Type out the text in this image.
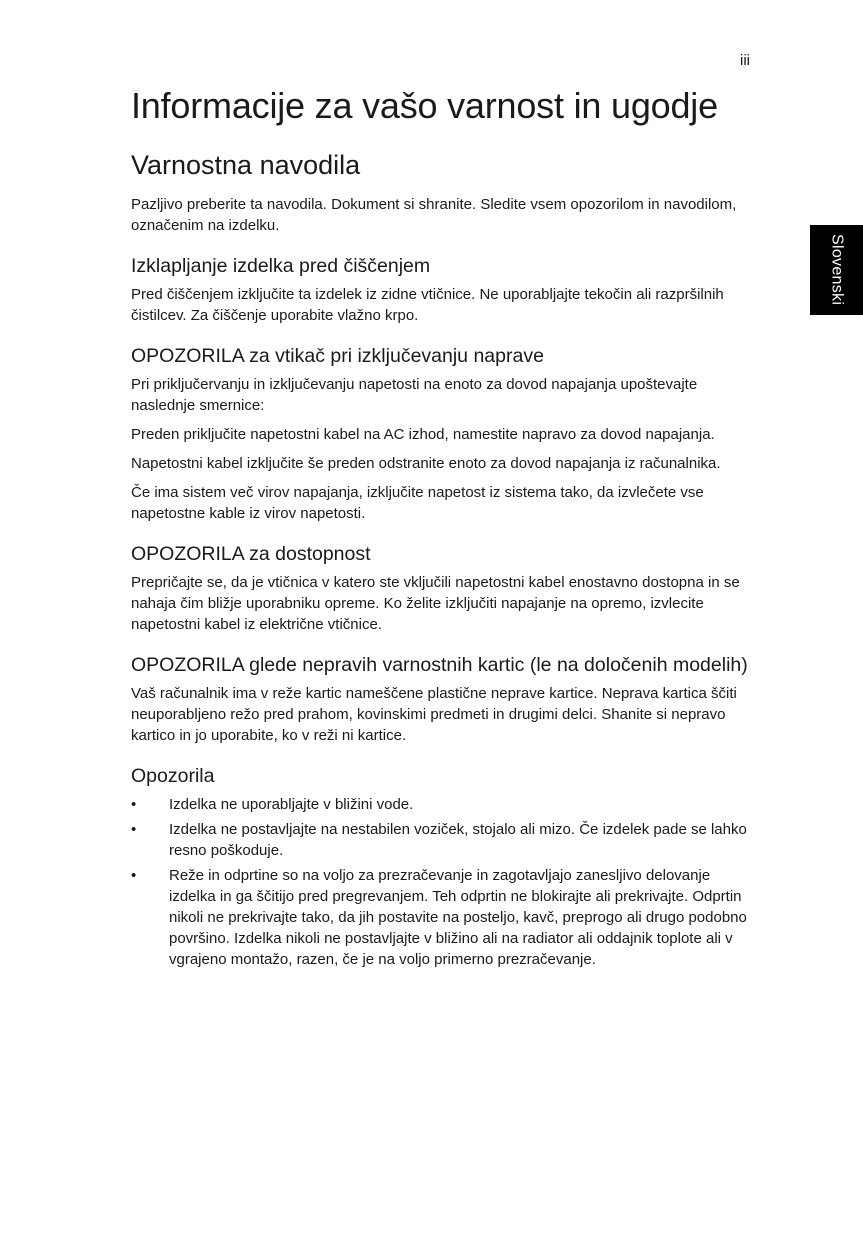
iii
Slovenski
Informacije za vašo varnost in ugodje
Varnostna navodila

Pazljivo preberite ta navodila. Dokument si shranite. Sledite vsem opozorilom in navodilom, označenim na izdelku.

Izklapljanje izdelka pred čiščenjem

Pred čiščenjem izključite ta izdelek iz zidne vtičnice. Ne uporabljajte tekočin ali razpršilnih čistilcev. Za čiščenje uporabite vlažno krpo.

OPOZORILA za vtikač pri izključevanju naprave

Pri priključervanju in izključevanju napetosti na enoto za dovod napajanja upoštevajte naslednje smernice:

Preden priključite napetostni kabel na AC izhod, namestite napravo za dovod napajanja.

Napetostni kabel izključite še preden odstranite enoto za dovod napajanja iz računalnika.

Če ima sistem več virov napajanja, izključite napetost iz sistema tako, da izvlečete vse napetostne kable iz virov napetosti.

OPOZORILA za dostopnost

Prepričajte se, da je vtičnica v katero ste vključili napetostni kabel enostavno dostopna in se nahaja čim bližje uporabniku opreme. Ko želite izključiti napajanje na opremo, izvlecite napetostni kabel iz električne vtičnice.

OPOZORILA glede nepravih varnostnih kartic (le na določenih modelih)

Vaš računalnik ima v reže kartic nameščene plastične neprave kartice. Neprava kartica ščiti neuporabljeno režo pred prahom, kovinskimi predmeti in drugimi delci. Shanite si nepravo kartico in jo uporabite, ko v reži ni kartice.

Opozorila
• Izdelka ne uporabljajte v bližini vode.
• Izdelka ne postavljajte na nestabilen voziček, stojalo ali mizo. Če izdelek pade se lahko resno poškoduje.
• Reže in odprtine so na voljo za prezračevanje in zagotavljajo zanesljivo delovanje izdelka in ga ščitijo pred pregrevanjem. Teh odprtin ne blokirajte ali prekrivajte. Odprtin nikoli ne prekrivajte tako, da jih postavite na posteljo, kavč, preprogo ali drugo podobno površino. Izdelka nikoli ne postavljajte v bližino ali na radiator ali oddajnik toplote ali v vgrajeno montažo, razen, če je na voljo primerno prezračevanje.
